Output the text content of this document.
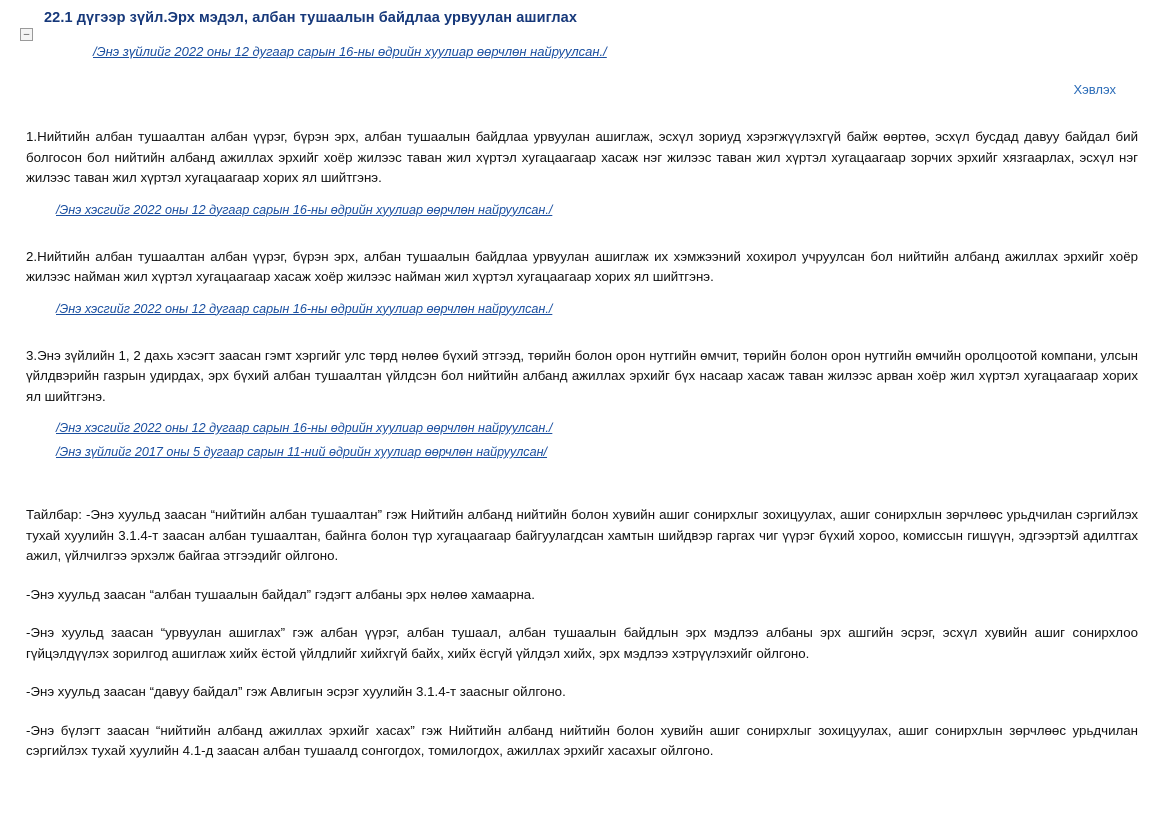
–
22.1 дүгээр зүйл.Эрх мэдэл, албан тушаалын байдлаа урвуулан ашиглах
/Энэ зүйлийг 2022 оны 12 дугаар сарын 16-ны өдрийн хуулиар өөрчлөн найруулсан./
Хэвлэх

1.Нийтийн албан тушаалтан албан үүрэг, бүрэн эрх, албан тушаалын байдлаа урвуулан ашиглаж, эсхүл зориуд хэрэгжүүлэхгүй байж өөртөө, эсхүл бусдад давуу байдал бий болгосон бол нийтийн албанд ажиллах эрхийг хоёр жилээс таван жил хүртэл хугацаагаар хасаж нэг жилээс таван жил хүртэл хугацаагаар зорчих эрхийг хязгаарлах, эсхүл нэг жилээс таван жил хүртэл хугацаагаар хорих ял шийтгэнэ.

/Энэ хэсгийг 2022 оны 12 дугаар сарын 16-ны өдрийн хуулиар өөрчлөн найруулсан./

2.Нийтийн албан тушаалтан албан үүрэг, бүрэн эрх, албан тушаалын байдлаа урвуулан ашиглаж их хэмжээний хохирол учруулсан бол нийтийн албанд ажиллах эрхийг хоёр жилээс найман жил хүртэл хугацаагаар хасаж хоёр жилээс найман жил хүртэл хугацаагаар хорих ял шийтгэнэ.

/Энэ хэсгийг 2022 оны 12 дугаар сарын 16-ны өдрийн хуулиар өөрчлөн найруулсан./

3.Энэ зүйлийн 1, 2 дахь хэсэгт заасан гэмт хэргийг улс төрд нөлөө бүхий этгээд, төрийн болон орон нутгийн өмчит, төрийн болон орон нутгийн өмчийн оролцоотой компани, улсын үйлдвэрийн газрын удирдах, эрх бүхий албан тушаалтан үйлдсэн бол нийтийн албанд ажиллах эрхийг бүх насаар хасаж таван жилээс арван хоёр жил хүртэл хугацаагаар хорих ял шийтгэнэ.

/Энэ хэсгийг 2022 оны 12 дугаар сарын 16-ны өдрийн хуулиар өөрчлөн найруулсан./
/Энэ зүйлийг 2017 оны 5 дугаар сарын 11-ний өдрийн хуулиар өөрчлөн найруулсан/

Тайлбар: -Энэ хуульд заасан “нийтийн албан тушаалтан” гэж Нийтийн албанд нийтийн болон хувийн ашиг сонирхлыг зохицуулах, ашиг сонирхлын зөрчлөөс урьдчилан сэргийлэх тухай хуулийн 3.1.4-т заасан албан тушаалтан, байнга болон түр хугацаагаар байгуулагдсан хамтын шийдвэр гаргах чиг үүрэг бүхий хороо, комиссын гишүүн, эдгээртэй адилтгах ажил, үйлчилгээ эрхэлж байгаа этгээдийг ойлгоно.

-Энэ хуульд заасан “албан тушаалын байдал” гэдэгт албаны эрх нөлөө хамаарна.

-Энэ хуульд заасан “урвуулан ашиглах” гэж албан үүрэг, албан тушаал, албан тушаалын байдлын эрх мэдлээ албаны эрх ашгийн эсрэг, эсхүл хувийн ашиг сонирхлоо гүйцэлдүүлэх зорилгод ашиглаж хийх ёстой үйлдлийг хийхгүй байх, хийх ёсгүй үйлдэл хийх, эрх мэдлээ хэтрүүлэхийг ойлгоно.

-Энэ хуульд заасан “давуу байдал” гэж Авлигын эсрэг хуулийн 3.1.4-т заасныг ойлгоно.

-Энэ бүлэгт заасан “нийтийн албанд ажиллах эрхийг хасах” гэж Нийтийн албанд нийтийн болон хувийн ашиг сонирхлыг зохицуулах, ашиг сонирхлын зөрчлөөс урьдчилан сэргийлэх тухай хуулийн 4.1-д заасан албан тушаалд сонгогдох, томилогдох, ажиллах эрхийг хасахыг ойлгоно.
